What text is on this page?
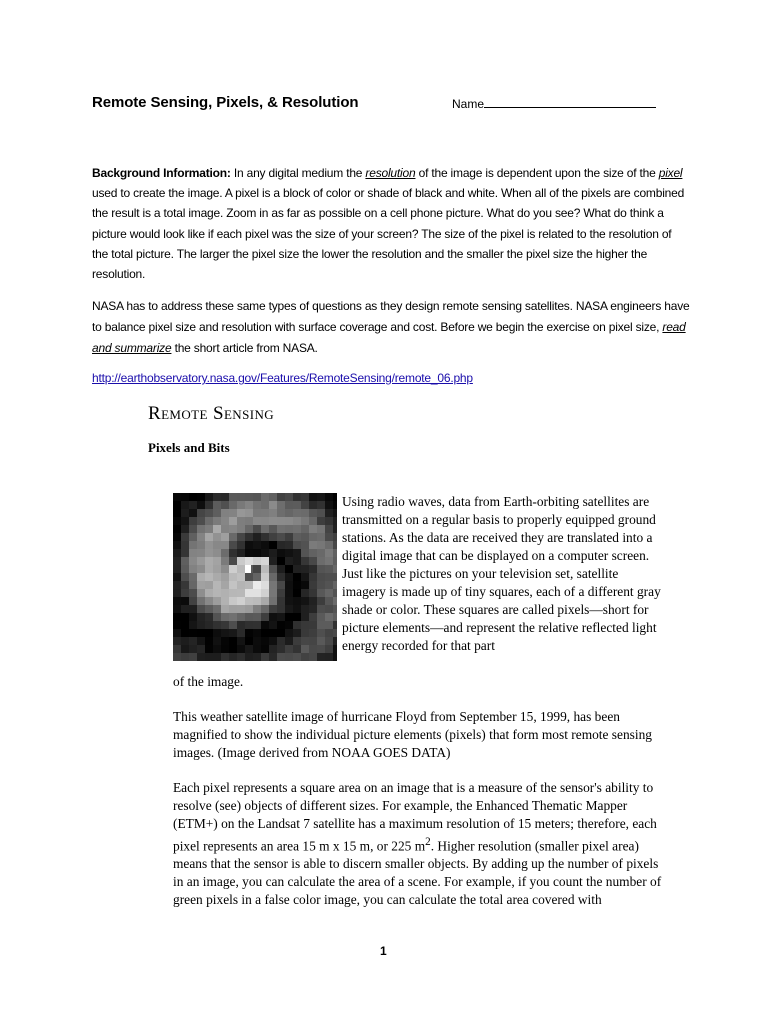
Remote Sensing, Pixels, & Resolution	Name
Background Information: In any digital medium the resolution of the image is dependent upon the size of the pixel used to create the image. A pixel is a block of color or shade of black and white. When all of the pixels are combined the result is a total image. Zoom in as far as possible on a cell phone picture. What do you see? What do think a picture would look like if each pixel was the size of your screen? The size of the pixel is related to the resolution of the total picture. The larger the pixel size the lower the resolution and the smaller the pixel size the higher the resolution.
NASA has to address these same types of questions as they design remote sensing satellites. NASA engineers have to balance pixel size and resolution with surface coverage and cost. Before we begin the exercise on pixel size, read and summarize the short article from NASA.
http://earthobservatory.nasa.gov/Features/RemoteSensing/remote_06.php
Remote Sensing
Pixels and Bits
Using radio waves, data from Earth-orbiting satellites are transmitted on a regular basis to properly equipped ground stations. As the data are received they are translated into a digital image that can be displayed on a computer screen. Just like the pictures on your television set, satellite imagery is made up of tiny squares, each of a different gray shade or color. These squares are called pixels—short for picture elements—and represent the relative reflected light energy recorded for that part
of the image.
This weather satellite image of hurricane Floyd from September 15, 1999, has been magnified to show the individual picture elements (pixels) that form most remote sensing images. (Image derived from NOAA GOES DATA)
Each pixel represents a square area on an image that is a measure of the sensor's ability to resolve (see) objects of different sizes. For example, the Enhanced Thematic Mapper (ETM+) on the Landsat 7 satellite has a maximum resolution of 15 meters; therefore, each pixel represents an area 15 m x 15 m, or 225 $m^2$. Higher resolution (smaller pixel area) means that the sensor is able to discern smaller objects. By adding up the number of pixels in an image, you can calculate the area of a scene. For example, if you count the number of green pixels in a false color image, you can calculate the total area covered with
1
